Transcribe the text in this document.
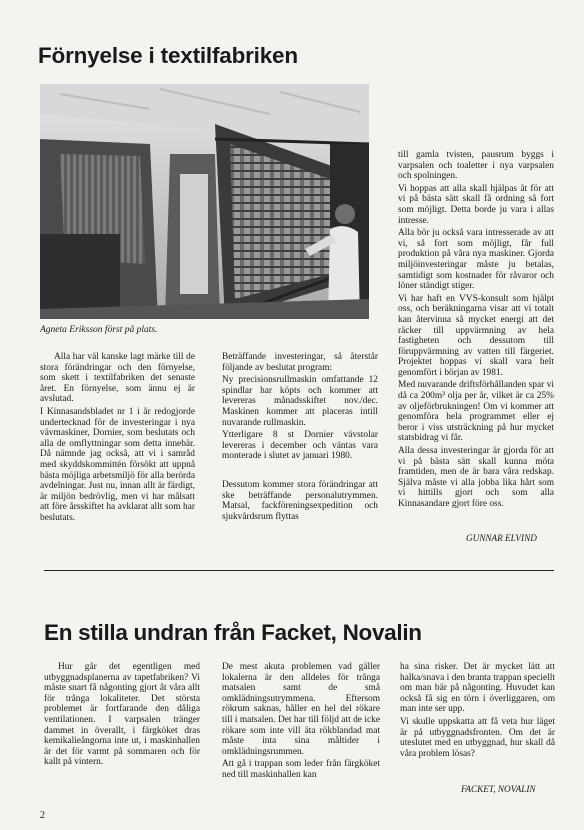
Förnyelse i textilfabriken
Agneta Eriksson först på plats.

Alla har väl kanske lagt märke till de stora förändringar och den förnyelse, som skett i textilfabriken det senaste året. En förnyelse, som ännu ej är avslutad.

I Kinnasandsbladet nr 1 i år redogjorde undertecknad för de investeringar i nya vävmaskiner, Dornier, som beslutats och alla de omflyttningar som detta innebär. Då nämnde jag också, att vi i samråd med skyddskommittén försökt att uppnå bästa möjliga arbetsmiljö för alla berörda avdelningar. Just nu, innan allt är färdigt, är miljön bedrövlig, men vi har målsatt att före årsskiftet ha avklarat allt som har beslutats.

Beträffande investeringar, så återstår följande av beslutat program:

Ny precisionsrullmaskin omfattande 12 spindlar har köpts och kommer att levereras månadsskiftet nov./dec. Maskinen kommer att placeras intill nuvarande rullmaskin.

Ytterligare 8 st Dornier vävstolar levereras i december och väntas vara monterade i slutet av januari 1980.

Dessutom kommer stora förändringar att ske beträffande personalutrymmen. Matsal, fackföreningsexpedition och sjukvårdsrum flyttas

till gamla tvisten, pausrum byggs i varpsalen och toaletter i nya varpsalen och spolningen.

Vi hoppas att alla skall hjälpas åt för att vi på bästa sätt skall få ordning så fort som möjligt. Detta borde ju vara i allas intresse.

Alla bör ju också vara intresserade av att vi, så fort som möjligt, får full produktion på våra nya maskiner. Gjorda miljöinvesteringar måste ju betalas, samtidigt som kostnader för råvaror och löner ständigt stiger.

Vi har haft en VVS-konsult som hjälpt oss, och beräkningarna visar att vi totalt kan återvinna så mycket energi att det räcker till uppvärmning av hela fastigheten och dessutom till föruppvärmning av vatten till färgeriet. Projektet hoppas vi skall vara helt genomfört i början av 1981.

Med nuvarande driftsförhållanden spar vi då ca 200m³ olja per år, vilket är ca 25% av oljeförbrukningen! Om vi kommer att genomföra hela programmet eller ej beror i viss utsträckning på hur mycket statsbidrag vi får.

Alla dessa investeringar är gjorda för att vi på bästa sätt skall kunna möta framtiden, men de är bara våra redskap. Själva måste vi alla jobba lika hårt som vi hittills gjort och som alla Kinnasandare gjort före oss.

GUNNAR ELVIND
En stilla undran från Facket, Novalin

Hur går det egentligen med utbyggnadsplanerna av tapetfabriken? Vi måste snart få någonting gjort åt våra allt för trånga lokaliteter. Det största problemet är fortfarande den dåliga ventilationen. I varpsalen tränger dammet in överallt, i färgköket dras kemikalieångorna inte ut, i maskinhallen är det för varmt på sommaren och för kallt på vintern.

De mest akuta problemen vad gäller lokalerna är den alldeles för trånga matsalen samt de små omklädningsutrymmena. Eftersom rökrum saknas, håller en hel del rökare till i matsalen. Det har till följd att de icke rökare som inte vill äta rökblandad mat måste inta sina måltider i omklädningsrummen.

Att gå i trappan som leder från färgköket ned till maskinhallen kan

ha sina risker. Det är mycket lätt att halka/snava i den branta trappan speciellt om man bär på någonting. Huvudet kan också få sig en törn i överliggaren, om man inte ser upp.

Vi skulle uppskatta att få veta hur läget är på utbyggnadsfronten. Om det är uteslutet med en utbyggnad, hur skall då våra problem lösas?

FACKET, NOVALIN
2
